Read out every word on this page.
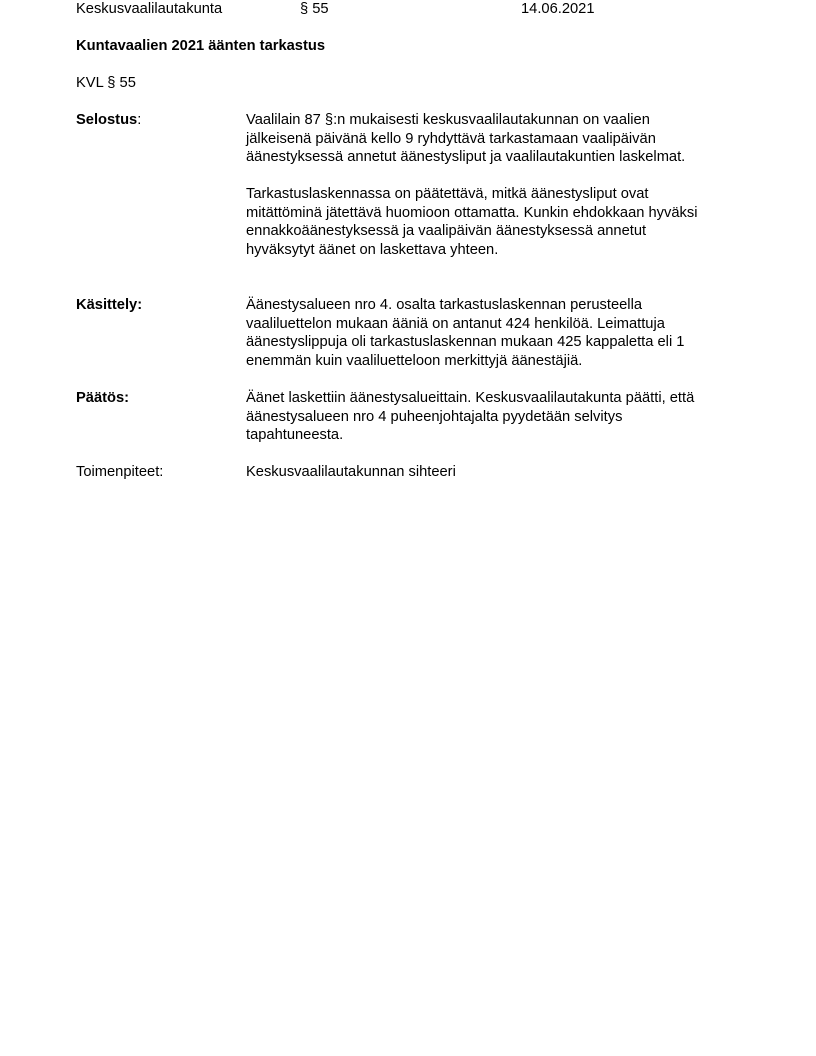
Keskusvaalilautakunta	§ 55	14.06.2021
Kuntavaalien 2021 äänten tarkastus
KVL § 55
Selostus:	Vaalilain 87 §:n mukaisesti keskusvaalilautakunnan on vaalien
jälkeisenä päivänä kello 9 ryhdyttävä tarkastamaan vaalipäivän
äänestyksessä annetut äänestysliput ja vaalilautakuntien laskelmat.

Tarkastuslaskennassa on päätettävä, mitkä äänestysliput ovat
mitättöminä jätettävä huomioon ottamatta. Kunkin ehdokkaan hyväksi
ennakkoäänestyksessä ja vaalipäivän äänestyksessä annetut
hyväksytyt äänet on laskettava yhteen.

Käsittely:	Äänestysalueen nro 4. osalta tarkastuslaskennan perusteella
vaaliluettelon mukaan ääniä on antanut 424 henkilöä. Leimattuja
äänestyslippuja oli tarkastuslaskennan mukaan 425 kappaletta eli 1
enemmän kuin vaaliluetteloon merkittyjä äänestäjiä.
Päätös:	Äänet laskettiin äänestysalueittain. Keskusvaalilautakunta päätti, että
äänestysalueen nro 4 puheenjohtajalta pyydetään selvitys
tapahtuneesta.
Toimenpiteet:	Keskusvaalilautakunnan sihteeri
